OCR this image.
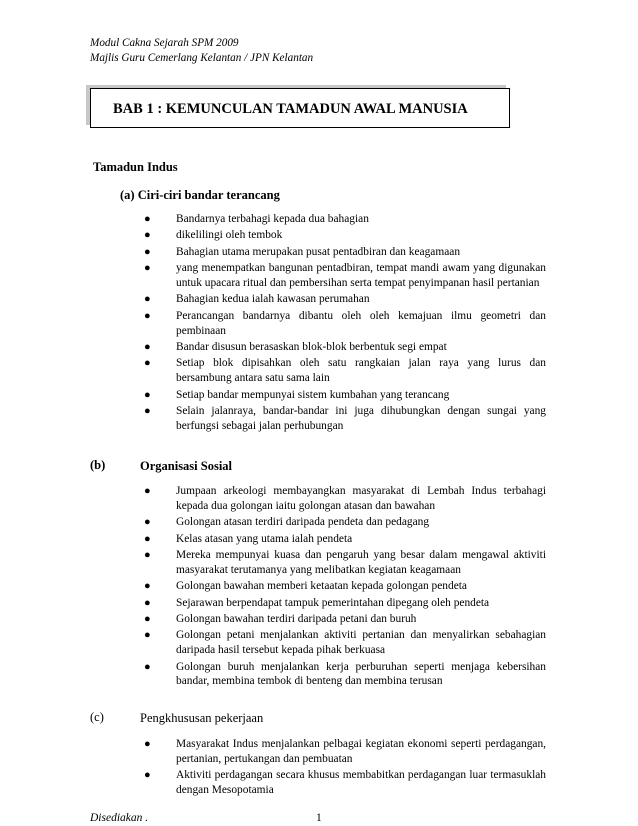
Modul Cakna Sejarah SPM 2009
Majlis Guru Cemerlang Kelantan / JPN Kelantan
BAB 1 : KEMUNCULAN TAMADUN AWAL MANUSIA
Tamadun Indus
(a) Ciri-ciri bandar terancang
● Bandarnya terbahagi kepada dua bahagian
● dikelilingi oleh tembok
● Bahagian utama merupakan pusat pentadbiran dan keagamaan
● yang menempatkan bangunan pentadbiran, tempat mandi awam yang digunakan untuk upacara ritual dan pembersihan serta tempat penyimpanan hasil pertanian
● Bahagian kedua ialah kawasan perumahan
● Perancangan bandarnya dibantu oleh oleh kemajuan ilmu geometri dan pembinaan
● Bandar disusun berasaskan blok-blok berbentuk segi empat
● Setiap blok dipisahkan oleh satu rangkaian jalan raya yang lurus dan bersambung antara satu sama lain
● Setiap bandar mempunyai sistem kumbahan yang terancang
● Selain jalanraya, bandar-bandar ini juga dihubungkan dengan sungai yang berfungsi sebagai jalan perhubungan
(b)	Organisasi Sosial
● Jumpaan arkeologi membayangkan masyarakat di Lembah Indus terbahagi kepada dua golongan iaitu golongan atasan dan bawahan
● Golongan atasan terdiri daripada pendeta dan pedagang
● Kelas atasan yang utama ialah pendeta
● Mereka mempunyai kuasa dan pengaruh yang besar dalam mengawal aktiviti masyarakat terutamanya yang melibatkan kegiatan keagamaan
● Golongan bawahan memberi ketaatan kepada golongan pendeta
● Sejarawan berpendapat tampuk pemerintahan dipegang oleh pendeta
● Golongan bawahan terdiri daripada petani dan buruh
● Golongan petani menjalankan aktiviti pertanian dan menyalirkan sebahagian daripada hasil tersebut kepada pihak berkuasa
● Golongan buruh menjalankan kerja perburuhan seperti menjaga kebersihan bandar, membina tembok di benteng dan membina terusan
(c)	Pengkhususan pekerjaan
● Masyarakat Indus menjalankan pelbagai kegiatan ekonomi seperti perdagangan, pertanian, pertukangan dan pembuatan
● Aktiviti perdagangan secara khusus membabitkan perdagangan luar termasuklah dengan Mesopotamia
Disediakan .	1
